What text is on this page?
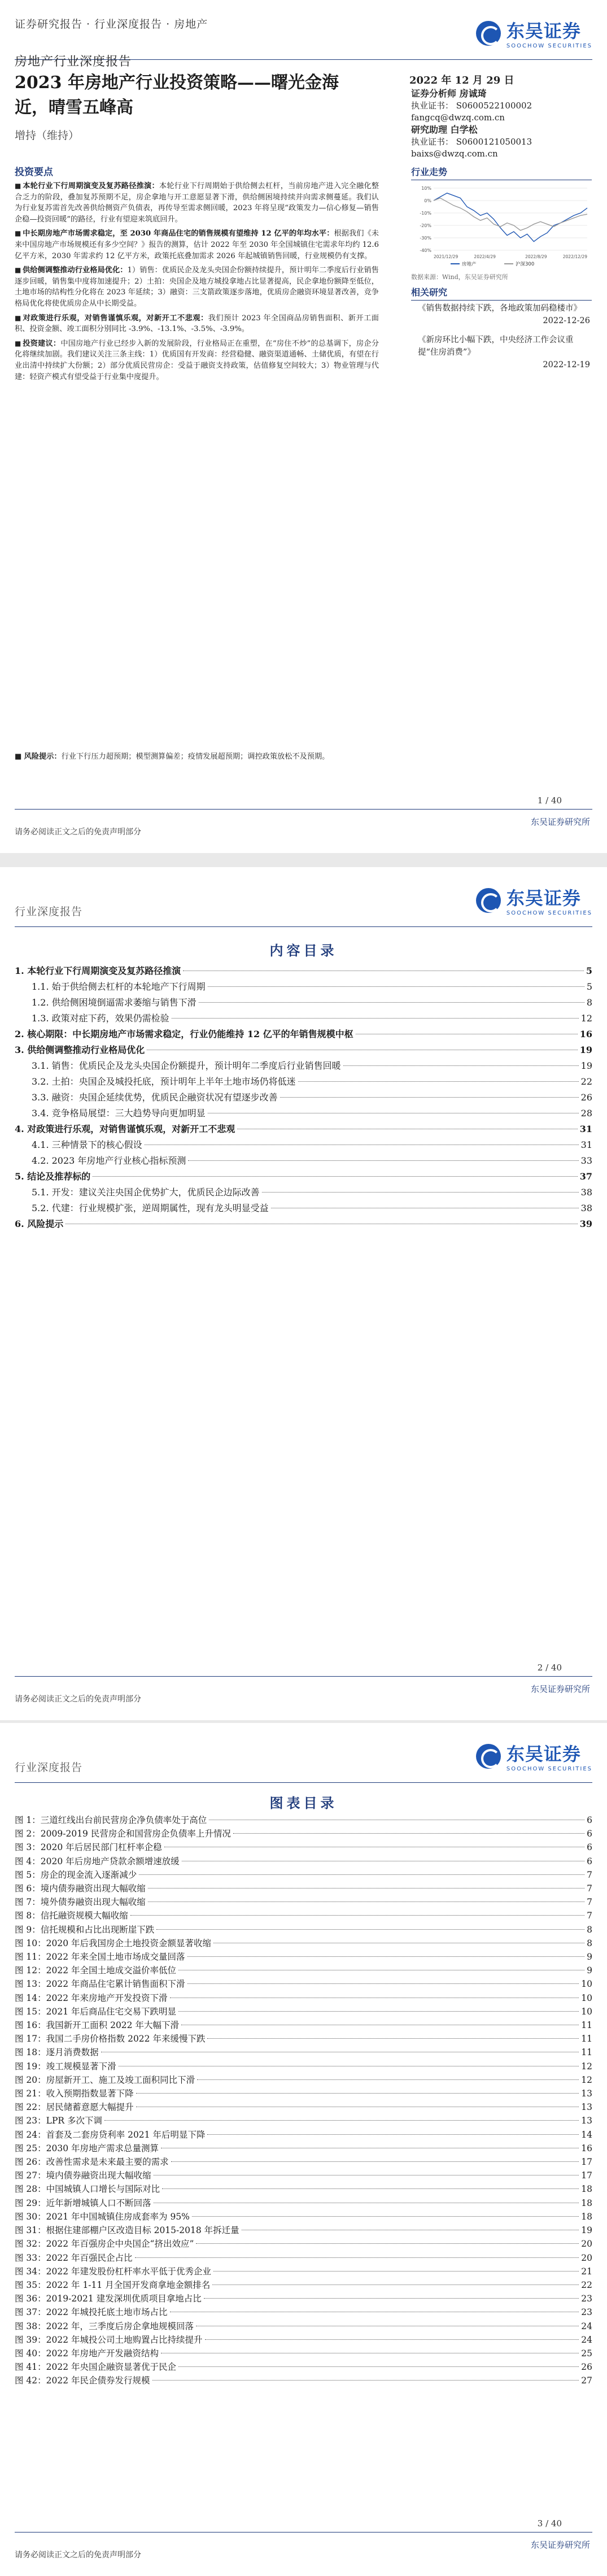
证券研究报告 · 行业深度报告 · 房地产	东吴证券
SOOCHOW SECURITIES
房地产行业深度报告
2023 年房地产行业投资策略——曙光金海近，晴雪五峰高
增持（维持）
2022 年 12 月 29 日
证券分析师 房诚琦
执业证书： S0600522100002
fangcq@dwzq.com.cn
研究助理 白学松
执业证书： S0600121050013
baixs@dwzq.com.cn
投资要点

■本轮行业下行周期演变及复苏路径推演：本轮行业下行周期始于供给侧去杠杆，当前房地产进入完全融化整合乏力的阶段，叠加复苏预期不足，房企拿地与开工意愿显著下滑，供给侧困境持续并向需求侧蔓延。我们认为行业复苏需首先改善供给侧资产负债表，再传导至需求侧回暖，2023 年将呈现“政策发力—信心修复—销售企稳—投资回暖”的路径，行业有望迎来筑底回升。

■中长期房地产市场需求稳定，至 2030 年商品住宅的销售规模有望维持 12 亿平的年均水平：根据我们《未来中国房地产市场规模还有多少空间？》报告的测算，估计 2022 年至 2030 年全国城镇住宅需求年均约 12.6 亿平方米，2030 年需求约 12 亿平方米，政策托底叠加需求 2026 年起城镇销售回暖，行业规模仍有支撑。

■供给侧调整推动行业格局优化：1）销售：优质民企及龙头央国企份额持续提升，预计明年二季度后行业销售逐步回暖，销售集中度将加速提升；2）土拍：央国企及地方城投拿地占比显著提高，民企拿地份额降至低位，土地市场的结构性分化将在 2023 年延续；3）融资：三支箭政策逐步落地，优质房企融资环境显著改善，竞争格局优化将使优质房企从中长期受益。

■对政策进行乐观，对销售谨慎乐观，对新开工不悲观：我们预计 2023 年全国商品房销售面积、新开工面积、投资金额、竣工面积分别同比 -3.9%、-13.1%、-3.5%、-3.9%。

■投资建议：中国房地产行业已经步入新的发展阶段，行业格局正在重塑，在“房住不炒”的总基调下，房企分化将继续加剧。我们建议关注三条主线：1）优质国有开发商：经营稳健、融资渠道通畅、土储优质，有望在行业出清中持续扩大份额；2）部分优质民营房企：受益于融资支持政策，估值修复空间较大；3）物业管理与代建：轻资产模式有望受益于行业集中度提升。

行业走势
10%
0%
-10%
-20%
-30%
-40%
2021/12/29	2022/4/29	2022/8/29	2022/12/29
房地产	沪深300
数据来源：Wind，东吴证券研究所
相关研究
《销售数据持续下跌，各地政策加码稳楼市》
2022-12-26
《新房环比小幅下跌，中央经济工作会议重提“住房消费”》
2022-12-19
■ 风险提示：行业下行压力超预期；模型测算偏差；疫情发展超预期；调控政策放松不及预期。
1 / 40
请务必阅读正文之后的免责声明部分
东吴证券研究所
行业深度报告
东吴证券
SOOCHOW SECURITIES
内容目录
1. 本轮行业下行周期演变及复苏路径推演	5
1.1. 始于供给侧去杠杆的本轮地产下行周期	5
1.2. 供给侧困境倒逼需求萎缩与销售下滑	8
1.3. 政策对症下药，效果仍需检验	12
2. 核心期限：中长期房地产市场需求稳定，行业仍能维持 12 亿平的年销售规模中枢	16
3. 供给侧调整推动行业格局优化	19
3.1. 销售：优质民企及龙头央国企份额提升，预计明年二季度后行业销售回暖	19
3.2. 土拍：央国企及城投托底，预计明年上半年土地市场仍将低迷	22
3.3. 融资：央国企延续优势，优质民企融资状况有望逐步改善	26
3.4. 竞争格局展望：三大趋势导向更加明显	28
4. 对政策进行乐观，对销售谨慎乐观，对新开工不悲观	31
4.1. 三种情景下的核心假设	31
4.2. 2023 年房地产行业核心指标预测	33
5. 结论及推荐标的	37
5.1. 开发：建议关注央国企优势扩大，优质民企边际改善	38
5.2. 代建：行业规模扩张，逆周期属性，现有龙头明显受益	38
6. 风险提示	39
2 / 40
请务必阅读正文之后的免责声明部分
东吴证券研究所
行业深度报告
东吴证券
SOOCHOW SECURITIES
图表目录
图 1：三道红线出台前民营房企净负债率处于高位	6
图 2：2009-2019 民营房企和国营房企负债率上升情况	6
图 3：2020 年后居民部门杠杆率企稳	6
图 4：2020 年后房地产贷款余额增速放缓	6
图 5：房企的现金流入逐渐减少	7
图 6：境内债券融资出现大幅收缩	7
图 7：境外债券融资出现大幅收缩	7
图 8：信托融资规模大幅收缩	7
图 9：信托规模和占比出现断崖下跌	8
图 10：2020 年后我国房企土地投资金额显著收缩	8
图 11：2022 年来全国土地市场成交量回落	9
图 12：2022 年全国土地成交溢价率低位	9
图 13：2022 年商品住宅累计销售面积下滑	10
图 14：2022 年来房地产开发投资下滑	10
图 15：2021 年后商品住宅交易下跌明显	10
图 16：我国新开工面积 2022 年大幅下滑	11
图 17：我国二手房价格指数 2022 年来缓慢下跌	11
图 18：逐月消费数据	11
图 19：竣工规模显著下滑	12
图 20：房屋新开工、施工及竣工面积同比下滑	12
图 21：收入预期指数显著下降	13
图 22：居民储蓄意愿大幅提升	13
图 23：LPR 多次下调	13
图 24：首套及二套房贷利率 2021 年后明显下降	14
图 25：2030 年房地产需求总量测算	16
图 26：改善性需求是未来最主要的需求	17
图 27：境内债券融资出现大幅收缩	17
图 28：中国城镇人口增长与国际对比	18
图 29：近年新增城镇人口不断回落	18
图 30：2021 年中国城镇住房成套率为 95%	18
图 31：根据住建部棚户区改造目标 2015-2018 年拆迁量	19
图 32：2022 年百强房企中央国企“挤出效应”	20
图 33：2022 年百强民企占比	20
图 34：2022 年建发股份杠杆率水平低于优秀企业	21
图 35：2022 年 1-11 月全国开发商拿地金额排名	22
图 36：2019-2021 建发深圳优质项目拿地占比	23
图 37：2022 年城投托底土地市场占比	23
图 38：2022 年，三季度后房企拿地规模回落	24
图 39：2022 年城投公司土地购置占比持续提升	24
图 40：2022 年房地产开发融资结构	25
图 41：2022 年央国企融资显著优于民企	26
图 42：2022 年民企债券发行规模	27
3 / 40
请务必阅读正文之后的免责声明部分
东吴证券研究所
